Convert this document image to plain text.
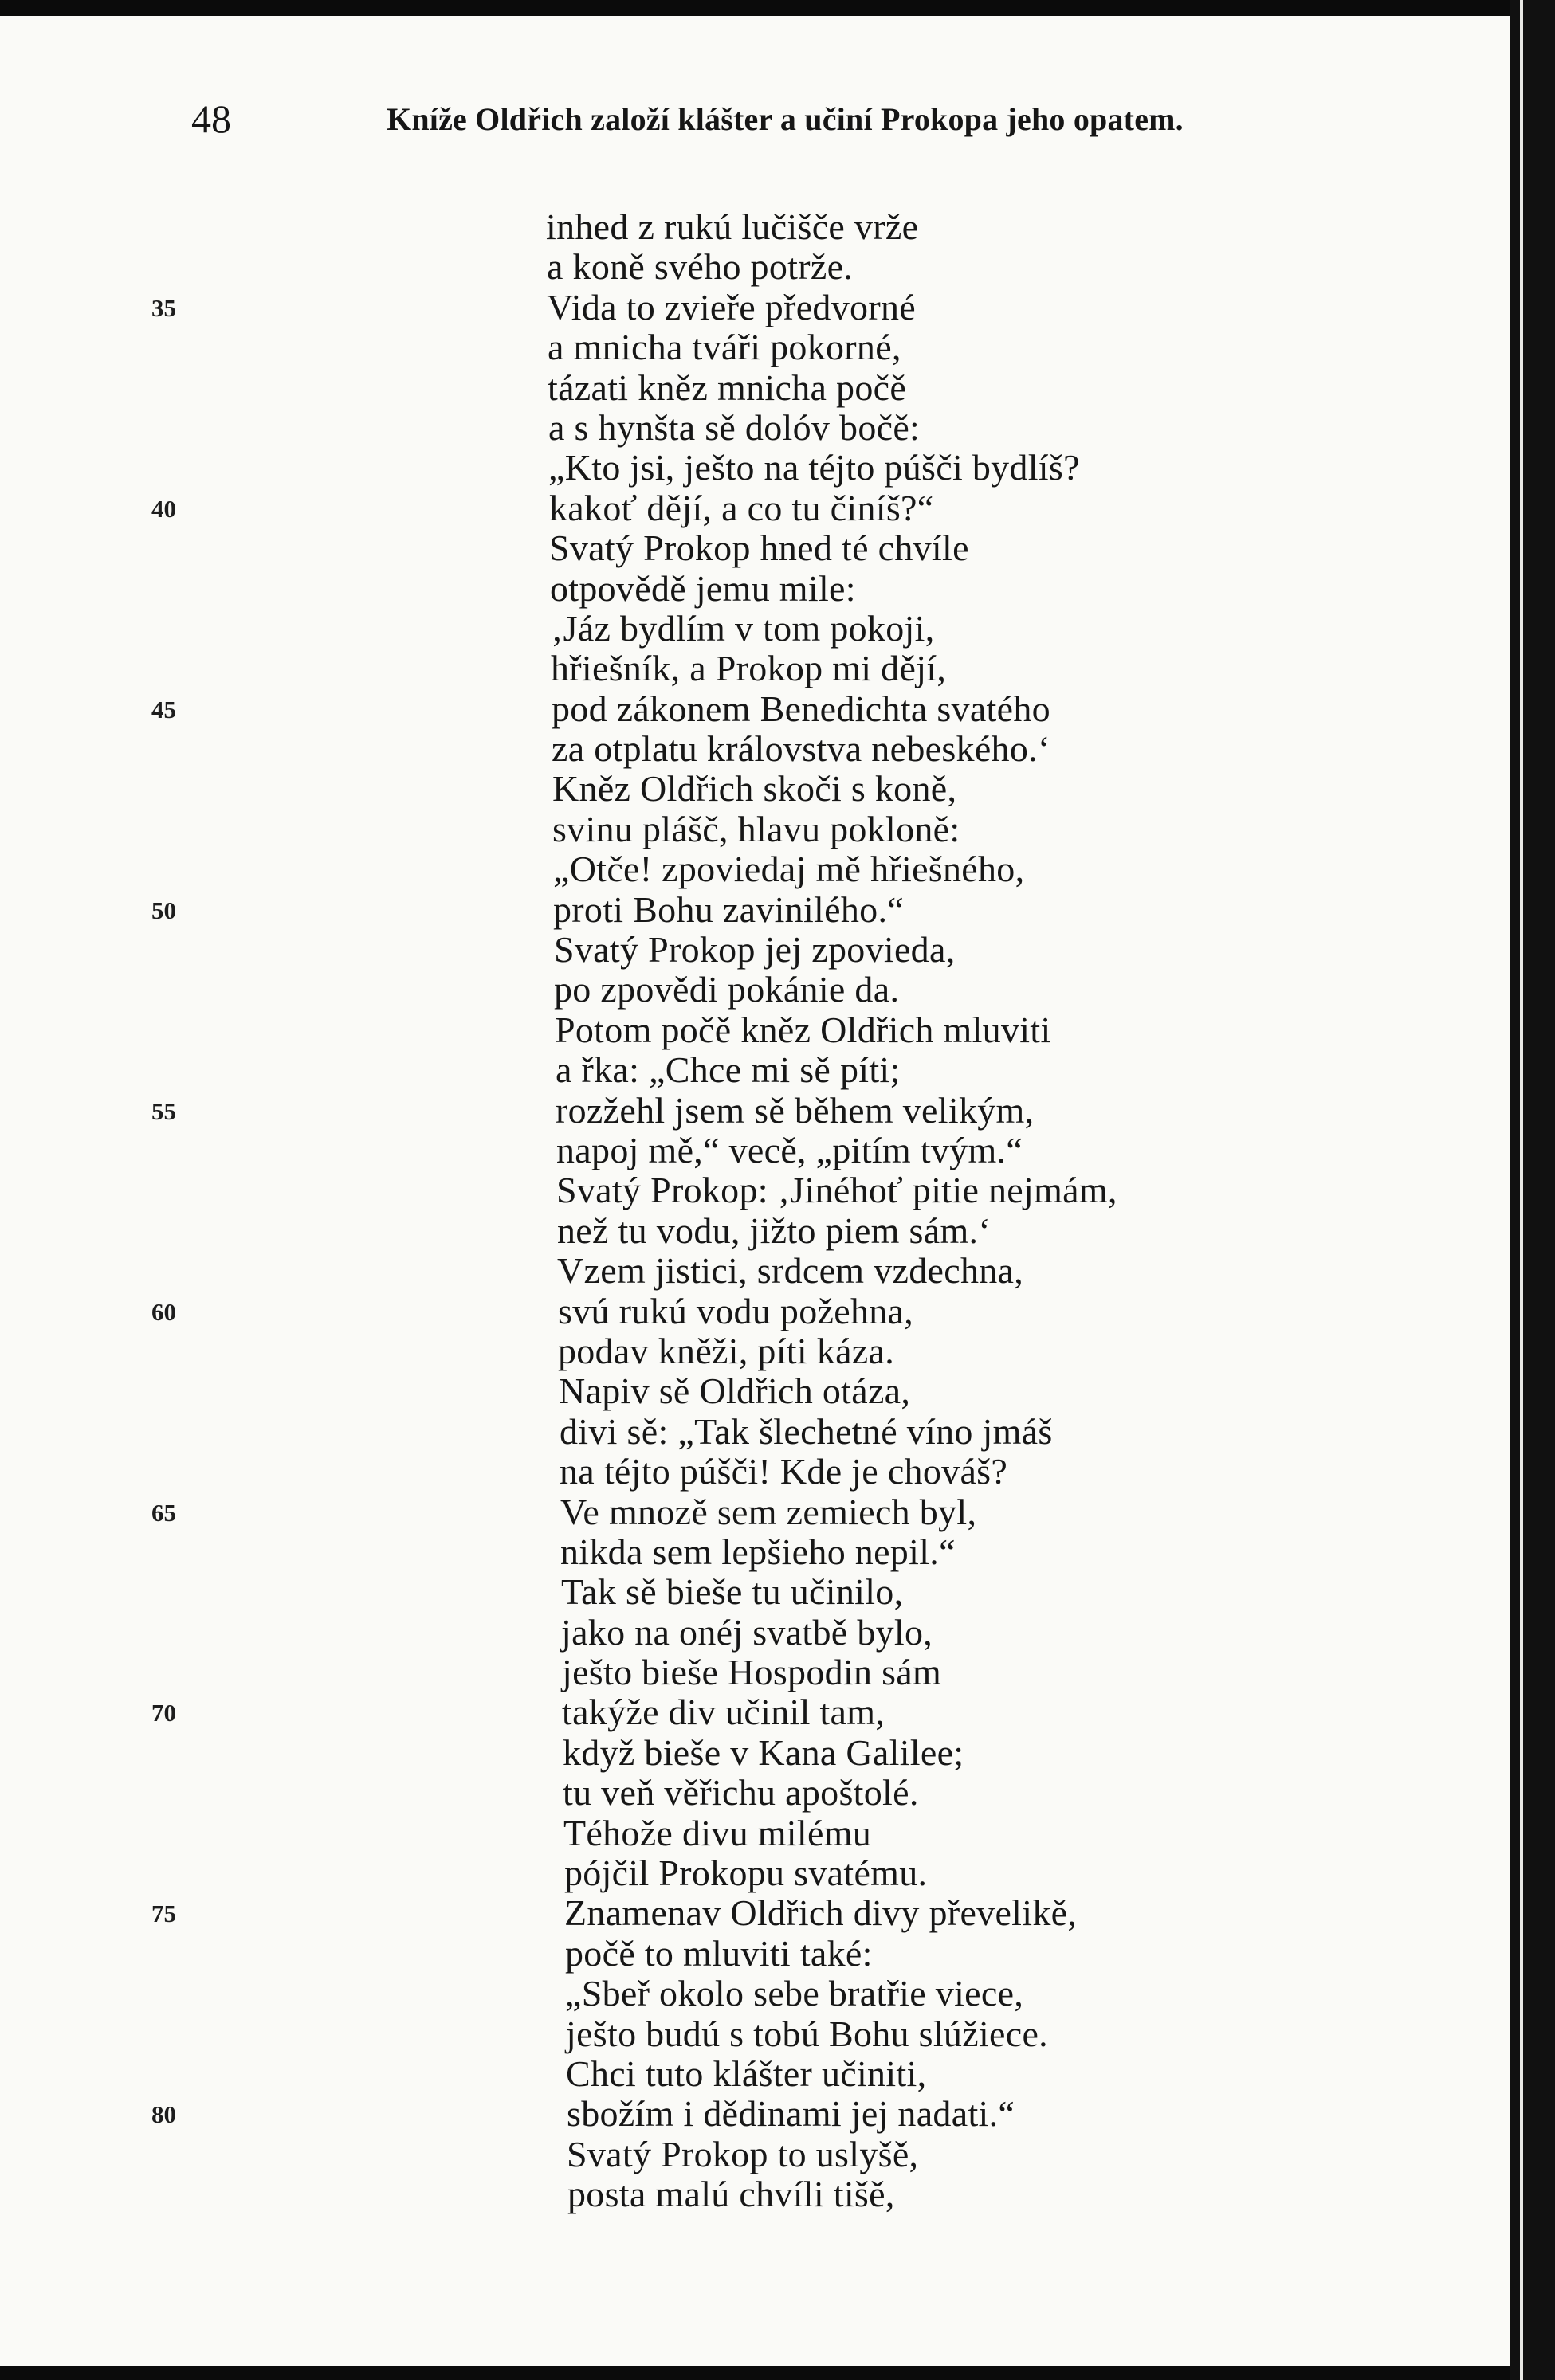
48	Kníže Oldřich založí klášter a učiní Prokopa jeho opatem.
inhed z rukú lučišče vrže
a koně svého potrže.
35	Vida to zvieře předvorné
a mnicha tváři pokorné,
tázati kněz mnicha počě
a s hynšta sě dolóv bočě:
„Kto jsi, ješto na téjto púšči bydlíš?
40	kakoť dějí, a co tu činíš?“
Svatý Prokop hned té chvíle
otpovědě jemu mile:
‚Jáz bydlím v tom pokoji,
hřiešník, a Prokop mi dějí,
45	pod zákonem Benedichta svatého
za otplatu královstva nebeského.‘
Kněz Oldřich skoči s koně,
svinu plášč, hlavu pokloně:
„Otče! zpoviedaj mě hřiešného,
50	proti Bohu zavinilého.“
Svatý Prokop jej zpovieda,
po zpovědi pokánie da.
Potom počě kněz Oldřich mluviti
a řka: „Chce mi sě píti;
55	rozžehl jsem sě během velikým,
napoj mě,“ vecě, „pitím tvým.“
Svatý Prokop: ‚Jinéhoť pitie nejmám,
než tu vodu, jižto piem sám.‘
Vzem jistici, srdcem vzdechna,
60	svú rukú vodu požehna,
podav kněži, píti káza.
Napiv sě Oldřich otáza,
divi sě: „Tak šlechetné víno jmáš
na téjto púšči! Kde je chováš?
65	Ve mnozě sem zemiech byl,
nikda sem lepšieho nepil.“
Tak sě bieše tu učinilo,
jako na onéj svatbě bylo,
ješto bieše Hospodin sám
70	takýže div učinil tam,
když bieše v Kana Galilee;
tu veň věřichu apoštolé.
Téhože divu milému
pójčil Prokopu svatému.
75	Znamenav Oldřich divy převelikě,
počě to mluviti také:
„Sbeř okolo sebe bratřie viece,
ješto budú s tobú Bohu slúžiece.
Chci tuto klášter učiniti,
80	sbožím i dědinami jej nadati.“
Svatý Prokop to uslyšě,
posta malú chvíli tišě,
